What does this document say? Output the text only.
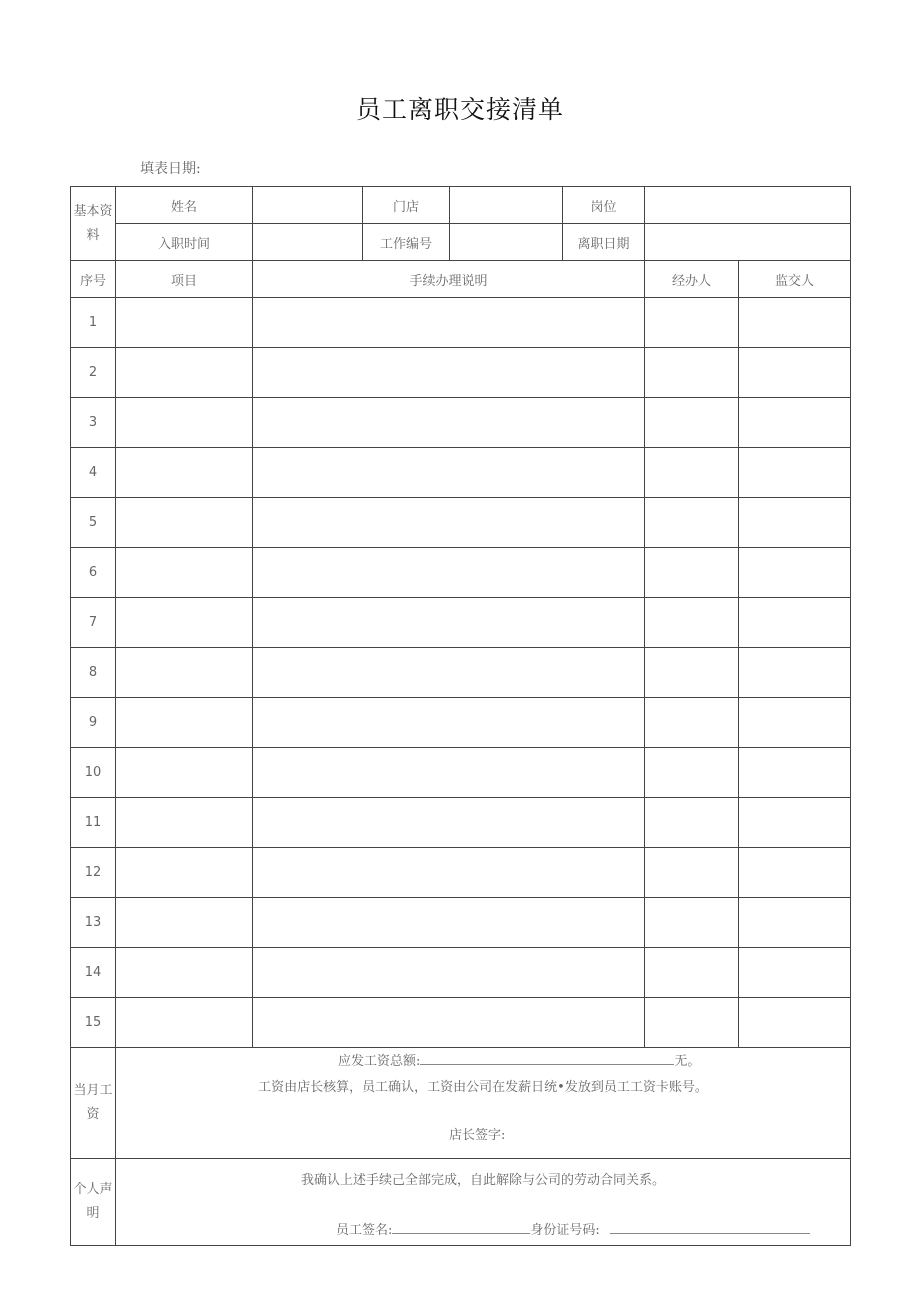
员工离职交接清单
填表日期:
基本资料	姓名		门店		岗位		
	入职时间		工作编号		离职日期		
序号	项目	手续办理说明				经办人	监交人
1							
2							
3							
4							
5							
6							
7							
8							
9							
10							
11							
12							
13							
14							
15							
当月工资	应发工资总额: 无。
工资由店长核算，员工确认，工资由公司在发薪日统•发放到员工工资卡账号。
店长签字:						

个人声明	我确认上述手续己全部完成，自此解除与公司的劳动合同关系。
员工签名: 身份证号码:						
